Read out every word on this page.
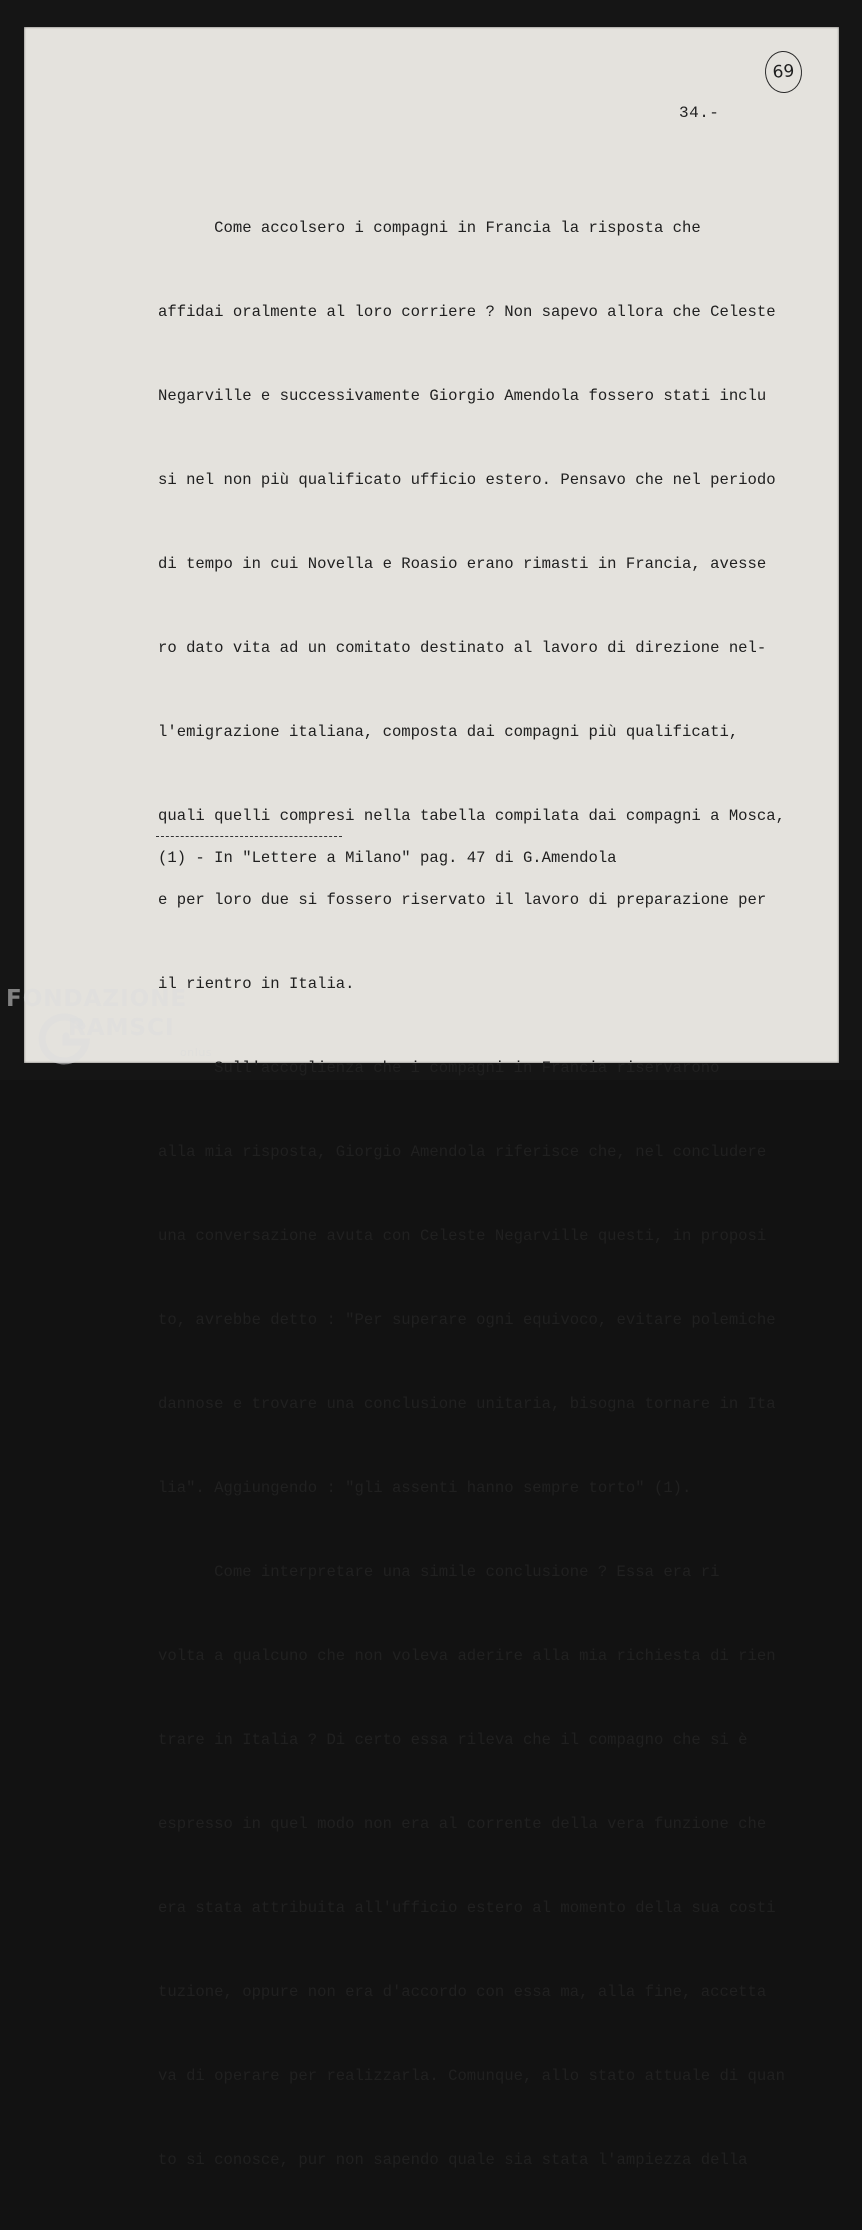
69
34.-

Come accolsero i compagni in Francia la risposta che

affidai oralmente al loro corriere ? Non sapevo allora che Celeste

Negarville e successivamente Giorgio Amendola fossero stati inclu

si nel non più qualificato ufficio estero. Pensavo che nel periodo

di tempo in cui Novella e Roasio erano rimasti in Francia, avesse

ro dato vita ad un comitato destinato al lavoro di direzione nel-

l'emigrazione italiana, composta dai compagni più qualificati,

quali quelli compresi nella tabella compilata dai compagni a Mosca,

e per loro due si fossero riservato il lavoro di preparazione per

il rientro in Italia.

Sull'accoglienza che i compagni in Francia riservarono

alla mia risposta, Giorgio Amendola riferisce che, nel concludere

una conversazione avuta con Celeste Negarville questi, in proposi

to, avrebbe detto : "Per superare ogni equivoco, evitare polemiche

dannose e trovare una conclusione unitaria, bisogna tornare in Ita

lia". Aggiungendo : "gli assenti hanno sempre torto" (1).

Come interpretare una simile conclusione ? Essa era ri

volta a qualcuno che non voleva aderire alla mia richiesta di rien

trare in Italia ? Di certo essa rileva che il compagno che si è

espresso in quel modo non era al corrente della vera funzione che

era stata attribuita all'ufficio estero al momento della sua costi

tuzione, oppure non era d'accordo con essa ma, alla fine, accetta

va di operare per realizzarla. Comunque, allo stato attuale di quan

to si conosce, pur non sapendo quale sia stata l'ampiezza della

(1) - In "Lettere a Milano" pag. 47 di G.Amendola
FONDAZIONE
RAMSCI
onlus
